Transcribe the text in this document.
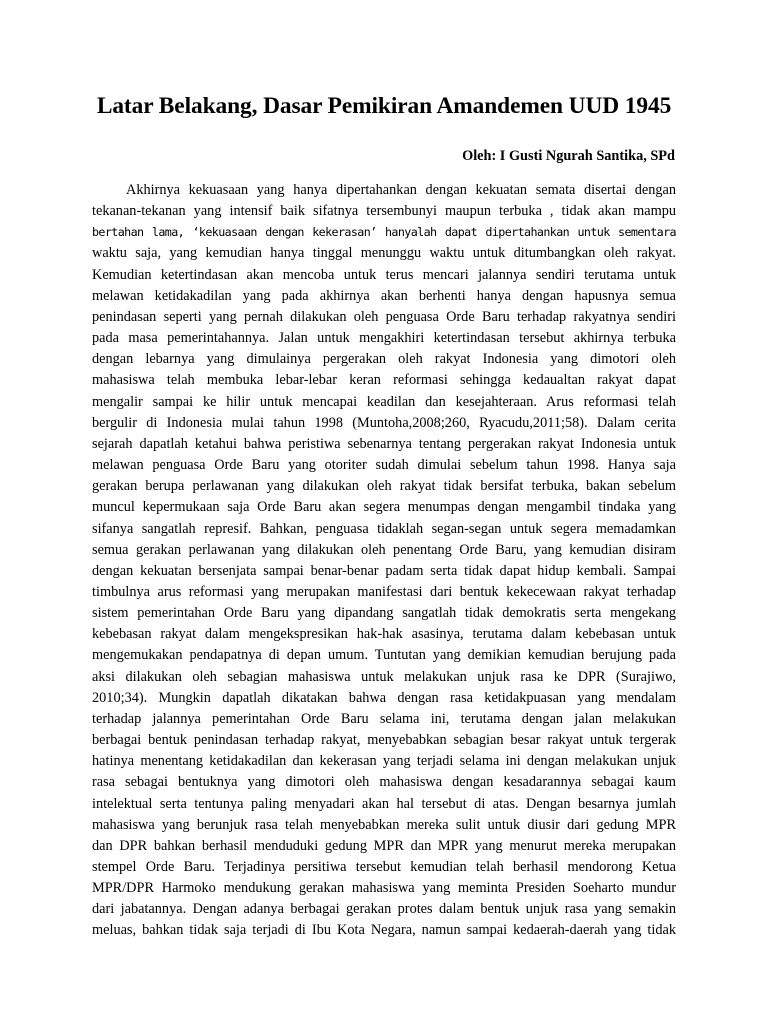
Latar Belakang, Dasar Pemikiran Amandemen UUD 1945

Oleh: I Gusti Ngurah Santika, SPd

Akhirnya kekuasaan yang hanya dipertahankan dengan kekuatan semata disertai dengan
tekanan-tekanan yang intensif baik sifatnya tersembunyi maupun terbuka , tidak akan mampu
bertahan lama, ‘kekuasaan dengan kekerasan’ hanyalah dapat dipertahankan untuk sementara
waktu saja, yang kemudian hanya tinggal menunggu waktu untuk ditumbangkan oleh rakyat.
Kemudian ketertindasan akan mencoba untuk terus mencari jalannya sendiri terutama untuk
melawan ketidakadilan yang pada akhirnya akan berhenti hanya dengan hapusnya semua
penindasan seperti yang pernah dilakukan oleh penguasa Orde Baru terhadap rakyatnya sendiri
pada masa pemerintahannya. Jalan untuk mengakhiri ketertindasan tersebut akhirnya terbuka
dengan lebarnya yang dimulainya pergerakan oleh rakyat Indonesia yang dimotori oleh
mahasiswa telah membuka lebar-lebar keran reformasi sehingga kedaualtan rakyat dapat
mengalir sampai ke hilir untuk mencapai keadilan dan kesejahteraan. Arus reformasi telah
bergulir di Indonesia mulai tahun 1998 (Muntoha,2008;260, Ryacudu,2011;58). Dalam cerita
sejarah dapatlah ketahui bahwa peristiwa sebenarnya tentang pergerakan rakyat Indonesia untuk
melawan penguasa Orde Baru yang otoriter sudah dimulai sebelum tahun 1998. Hanya saja
gerakan berupa perlawanan yang dilakukan oleh rakyat tidak bersifat terbuka, bakan sebelum
muncul kepermukaan saja Orde Baru akan segera menumpas dengan mengambil tindaka yang
sifanya sangatlah represif. Bahkan, penguasa tidaklah segan-segan untuk segera memadamkan
semua gerakan perlawanan yang dilakukan oleh penentang Orde Baru, yang kemudian disiram
dengan kekuatan bersenjata sampai benar-benar padam serta tidak dapat hidup kembali. Sampai
timbulnya arus reformasi yang merupakan manifestasi dari bentuk kekecewaan rakyat terhadap
sistem pemerintahan Orde Baru yang dipandang sangatlah tidak demokratis serta mengekang
kebebasan rakyat dalam mengekspresikan hak-hak asasinya, terutama dalam kebebasan untuk
mengemukakan pendapatnya di depan umum. Tuntutan yang demikian kemudian berujung pada
aksi dilakukan oleh sebagian mahasiswa untuk melakukan unjuk rasa ke DPR (Surajiwo,
2010;34). Mungkin dapatlah dikatakan bahwa dengan rasa ketidakpuasan yang mendalam
terhadap jalannya pemerintahan Orde Baru selama ini, terutama dengan jalan melakukan
berbagai bentuk penindasan terhadap rakyat, menyebabkan sebagian besar rakyat untuk tergerak
hatinya menentang ketidakadilan dan kekerasan yang terjadi selama ini dengan melakukan unjuk
rasa sebagai bentuknya yang dimotori oleh mahasiswa dengan kesadarannya sebagai kaum
intelektual serta tentunya paling menyadari akan hal tersebut di atas. Dengan besarnya jumlah
mahasiswa yang berunjuk rasa telah menyebabkan mereka sulit untuk diusir dari gedung MPR
dan DPR bahkan berhasil menduduki gedung MPR dan MPR yang menurut mereka merupakan
stempel Orde Baru. Terjadinya persitiwa tersebut kemudian telah berhasil mendorong Ketua
MPR/DPR Harmoko mendukung gerakan mahasiswa yang meminta Presiden Soeharto mundur
dari jabatannya. Dengan adanya berbagai gerakan protes dalam bentuk unjuk rasa yang semakin
meluas, bahkan tidak saja terjadi di Ibu Kota Negara, namun sampai kedaerah-daerah yang tidak
